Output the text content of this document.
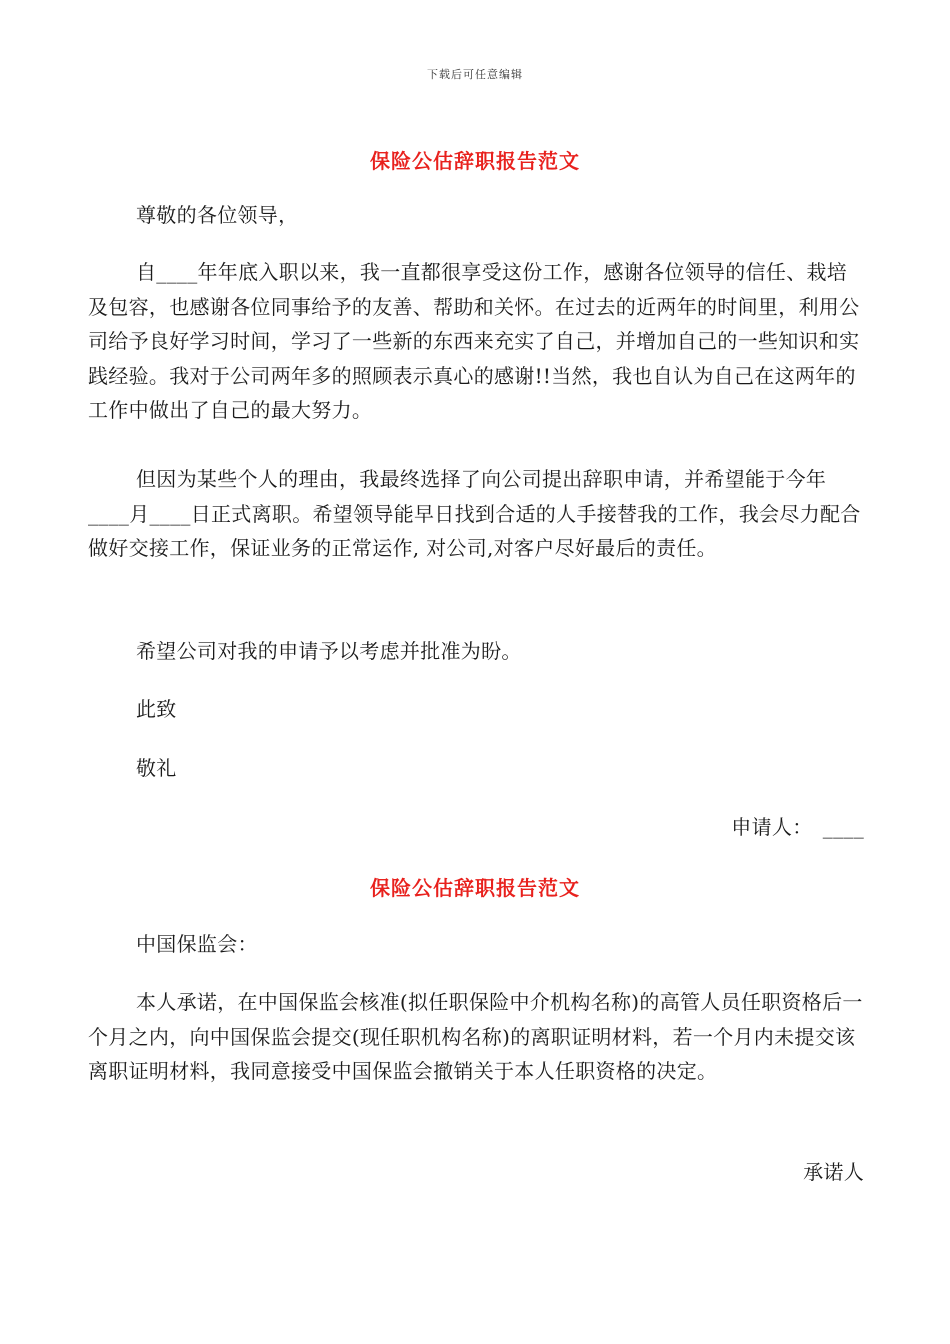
下载后可任意编辑
保险公估辞职报告范文
尊敬的各位领导，

自____年年底入职以来，我一直都很享受这份工作，感谢各位领导的信任、栽培及包容，也感谢各位同事给予的友善、帮助和关怀。在过去的近两年的时间里，利用公司给予良好学习时间，学习了一些新的东西来充实了自己，并增加自己的一些知识和实践经验。我对于公司两年多的照顾表示真心的感谢!!当然，我也自认为自己在这两年的工作中做出了自己的最大努力。

但因为某些个人的理由，我最终选择了向公司提出辞职申请，并希望能于今年____月____日正式离职。希望领导能早日找到合适的人手接替我的工作，我会尽力配合做好交接工作，保证业务的正常运作, 对公司,对客户尽好最后的责任。

希望公司对我的申请予以考虑并批准为盼。

此致
敬礼
申请人：　____
保险公估辞职报告范文
中国保监会：

本人承诺，在中国保监会核准(拟任职保险中介机构名称)的高管人员任职资格后一个月之内，向中国保监会提交(现任职机构名称)的离职证明材料，若一个月内未提交该离职证明材料，我同意接受中国保监会撤销关于本人任职资格的决定。

承诺人
